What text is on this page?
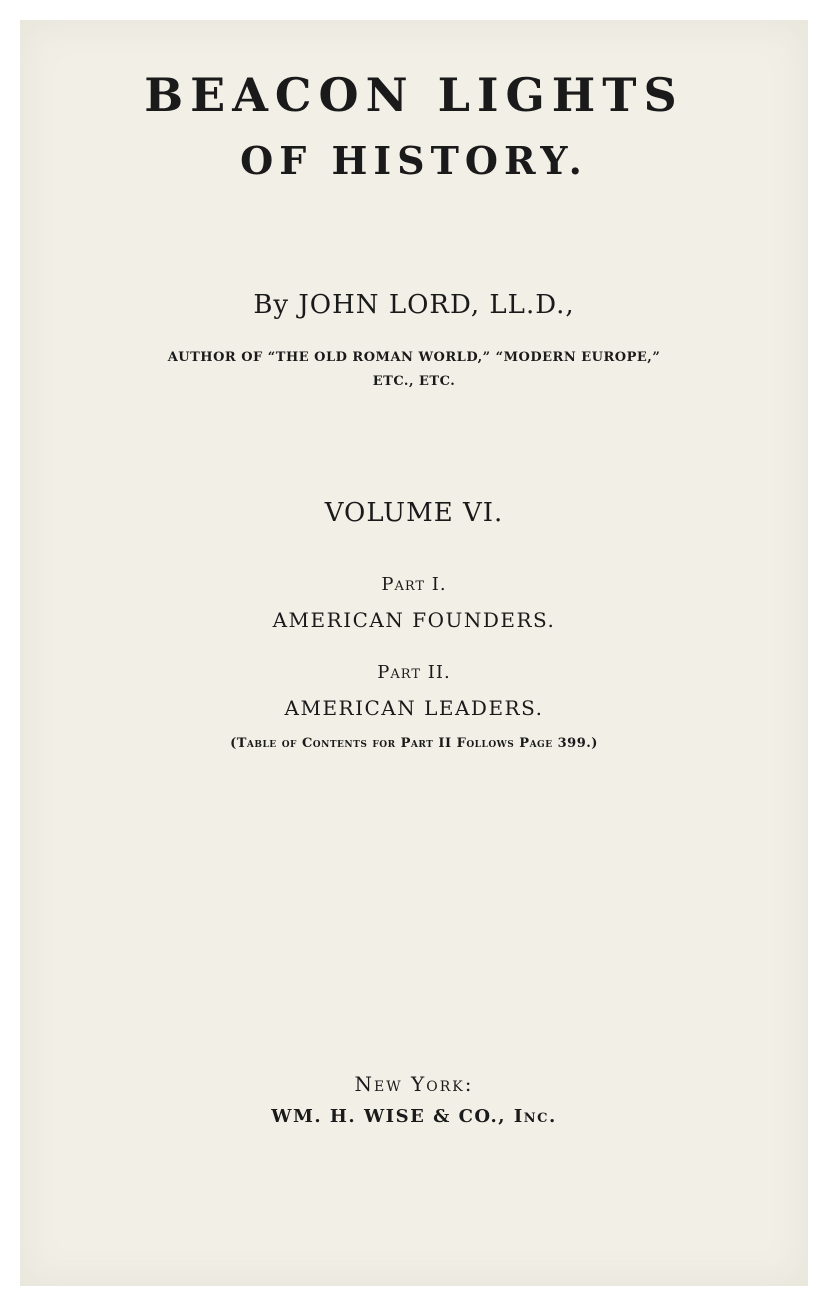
BEACON LIGHTS
OF HISTORY.
By JOHN LORD, LL.D.,
AUTHOR OF “THE OLD ROMAN WORLD,” “MODERN EUROPE,”
ETC., ETC.
VOLUME VI.
Part I.
AMERICAN FOUNDERS.
Part II.
AMERICAN LEADERS.
(Table of Contents for Part II Follows Page 399.)
New York:
WM. H. WISE & CO., Inc.
